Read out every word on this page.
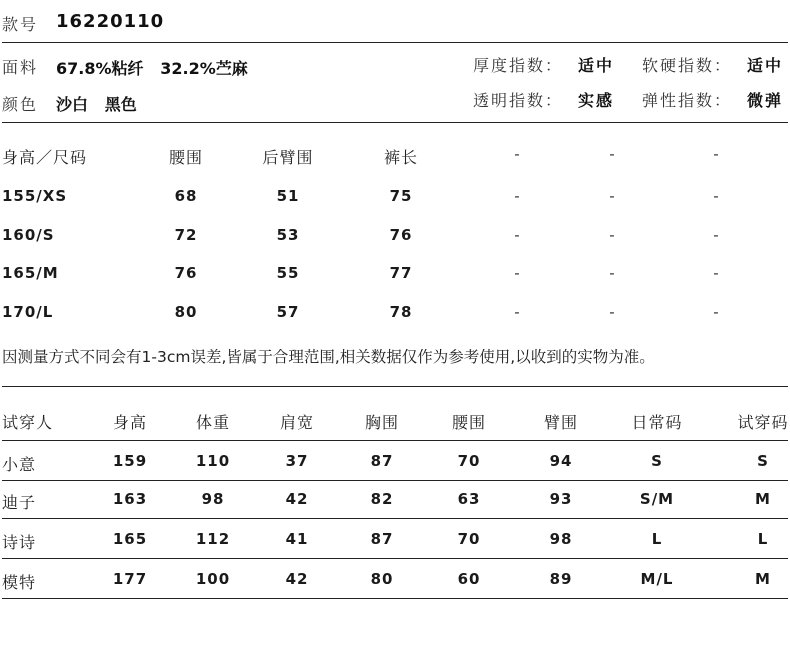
款号 16220110
面料 67.8%粘纤   32.2%苎麻
颜色 沙白   黑色
厚度指数： 适中 软硬指数： 适中
透明指数： 实感 弹性指数： 微弹
身高／尺码	腰围	后臂围	裤长	-	-	-
155/XS	68	51	75	-	-	-
160/S	72	53	76	-	-	-
165/M	76	55	77	-	-	-
170/L	80	57	78	-	-	-
因测量方式不同会有1-3cm误差,皆属于合理范围,相关数据仅作为参考使用,以收到的实物为准。
试穿人	身高	体重	肩宽	胸围	腰围	臂围	日常码	试穿码
小意	159	110	37	87	70	94	S	S
迪子	163	98	42	82	63	93	S/M	M
诗诗	165	112	41	87	70	98	L	L
模特	177	100	42	80	60	89	M/L	M
